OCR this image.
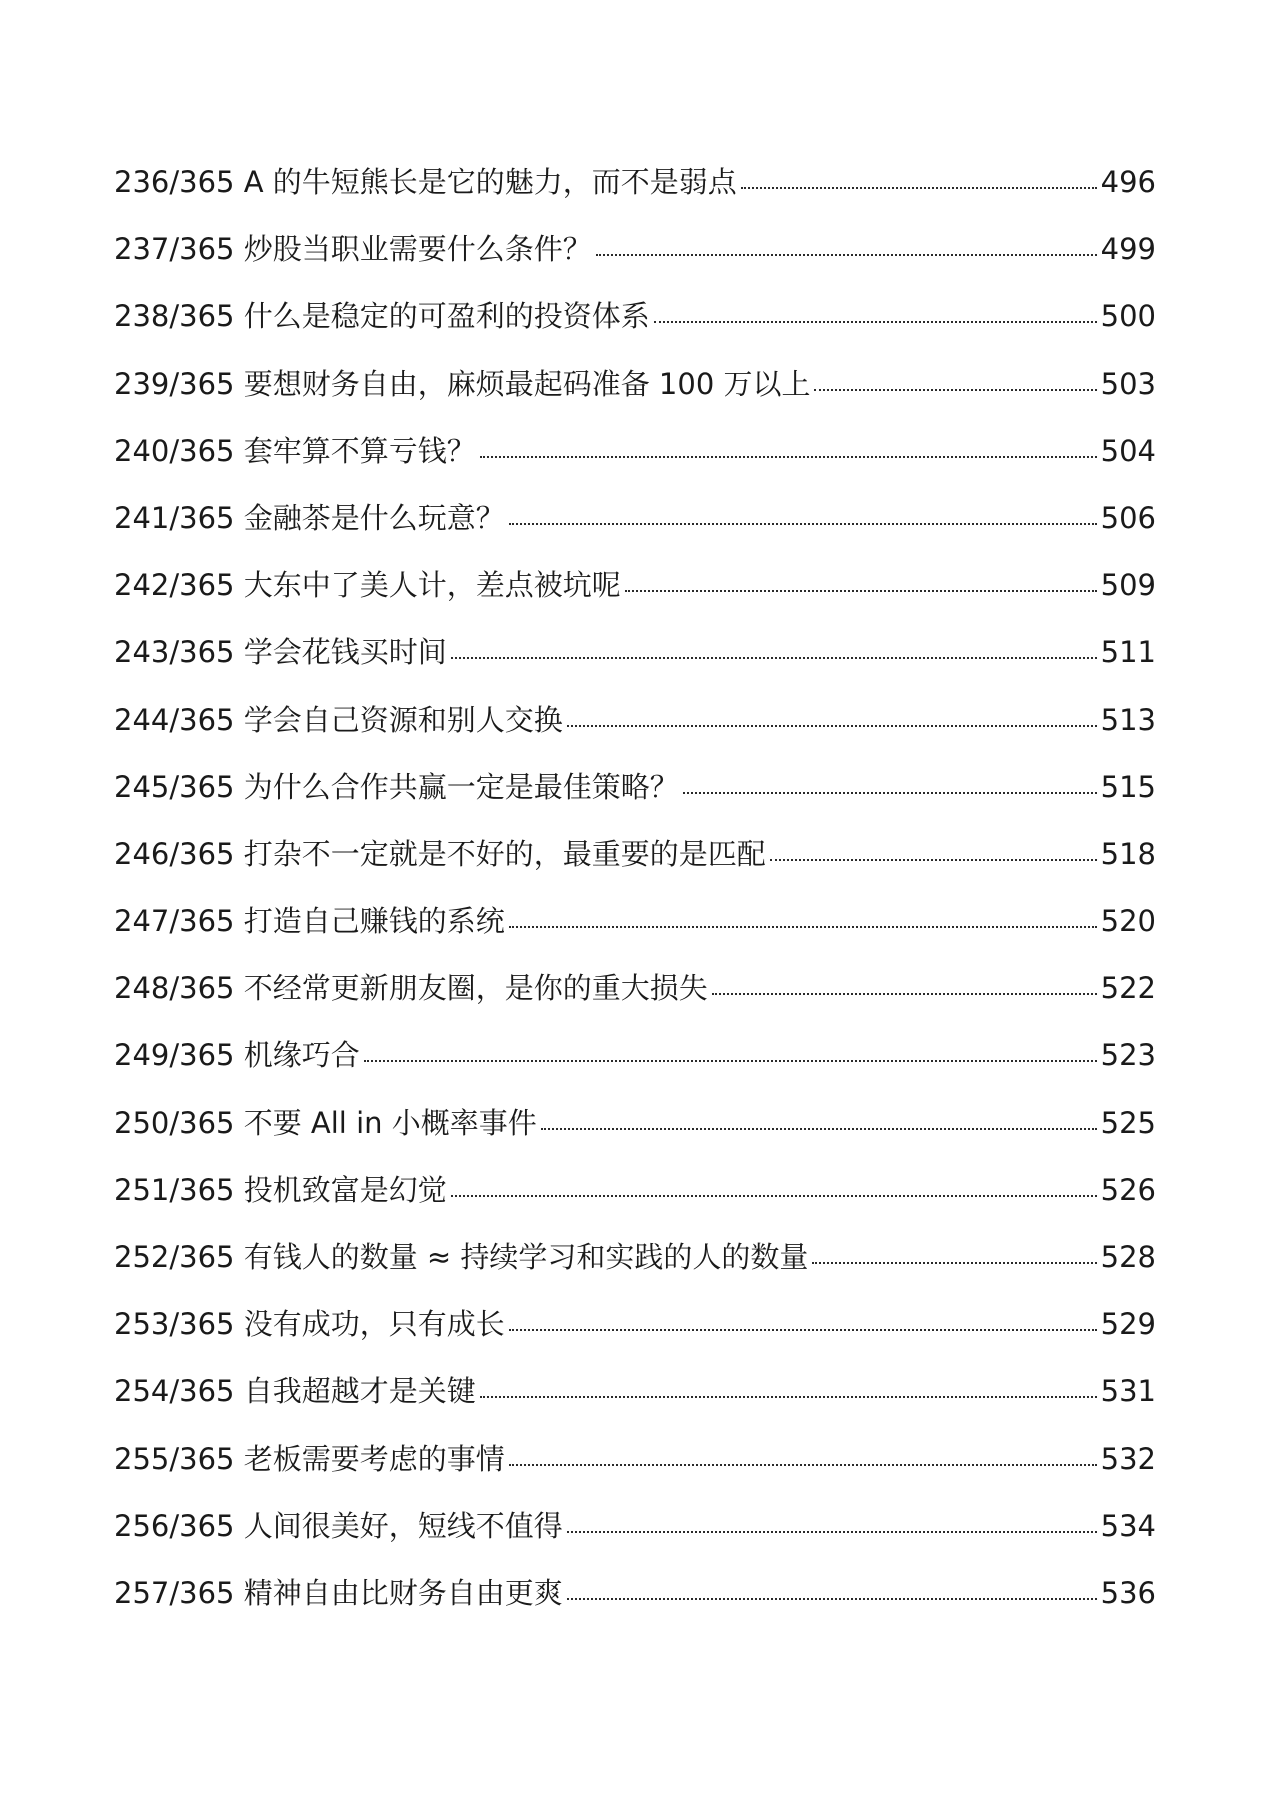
236/365 A 的牛短熊长是它的魅力，而不是弱点	496
237/365 炒股当职业需要什么条件？	499
238/365 什么是稳定的可盈利的投资体系	500
239/365 要想财务自由，麻烦最起码准备 100 万以上	503
240/365 套牢算不算亏钱？	504
241/365 金融茶是什么玩意？	506
242/365 大东中了美人计，差点被坑呢	509
243/365 学会花钱买时间	511
244/365 学会自己资源和别人交换	513
245/365 为什么合作共赢一定是最佳策略？	515
246/365 打杂不一定就是不好的，最重要的是匹配	518
247/365 打造自己赚钱的系统	520
248/365 不经常更新朋友圈，是你的重大损失	522
249/365 机缘巧合	523
250/365 不要 All in 小概率事件	525
251/365 投机致富是幻觉	526
252/365 有钱人的数量 ≈ 持续学习和实践的人的数量	528
253/365 没有成功，只有成长	529
254/365 自我超越才是关键	531
255/365 老板需要考虑的事情	532
256/365 人间很美好，短线不值得	534
257/365 精神自由比财务自由更爽	536
